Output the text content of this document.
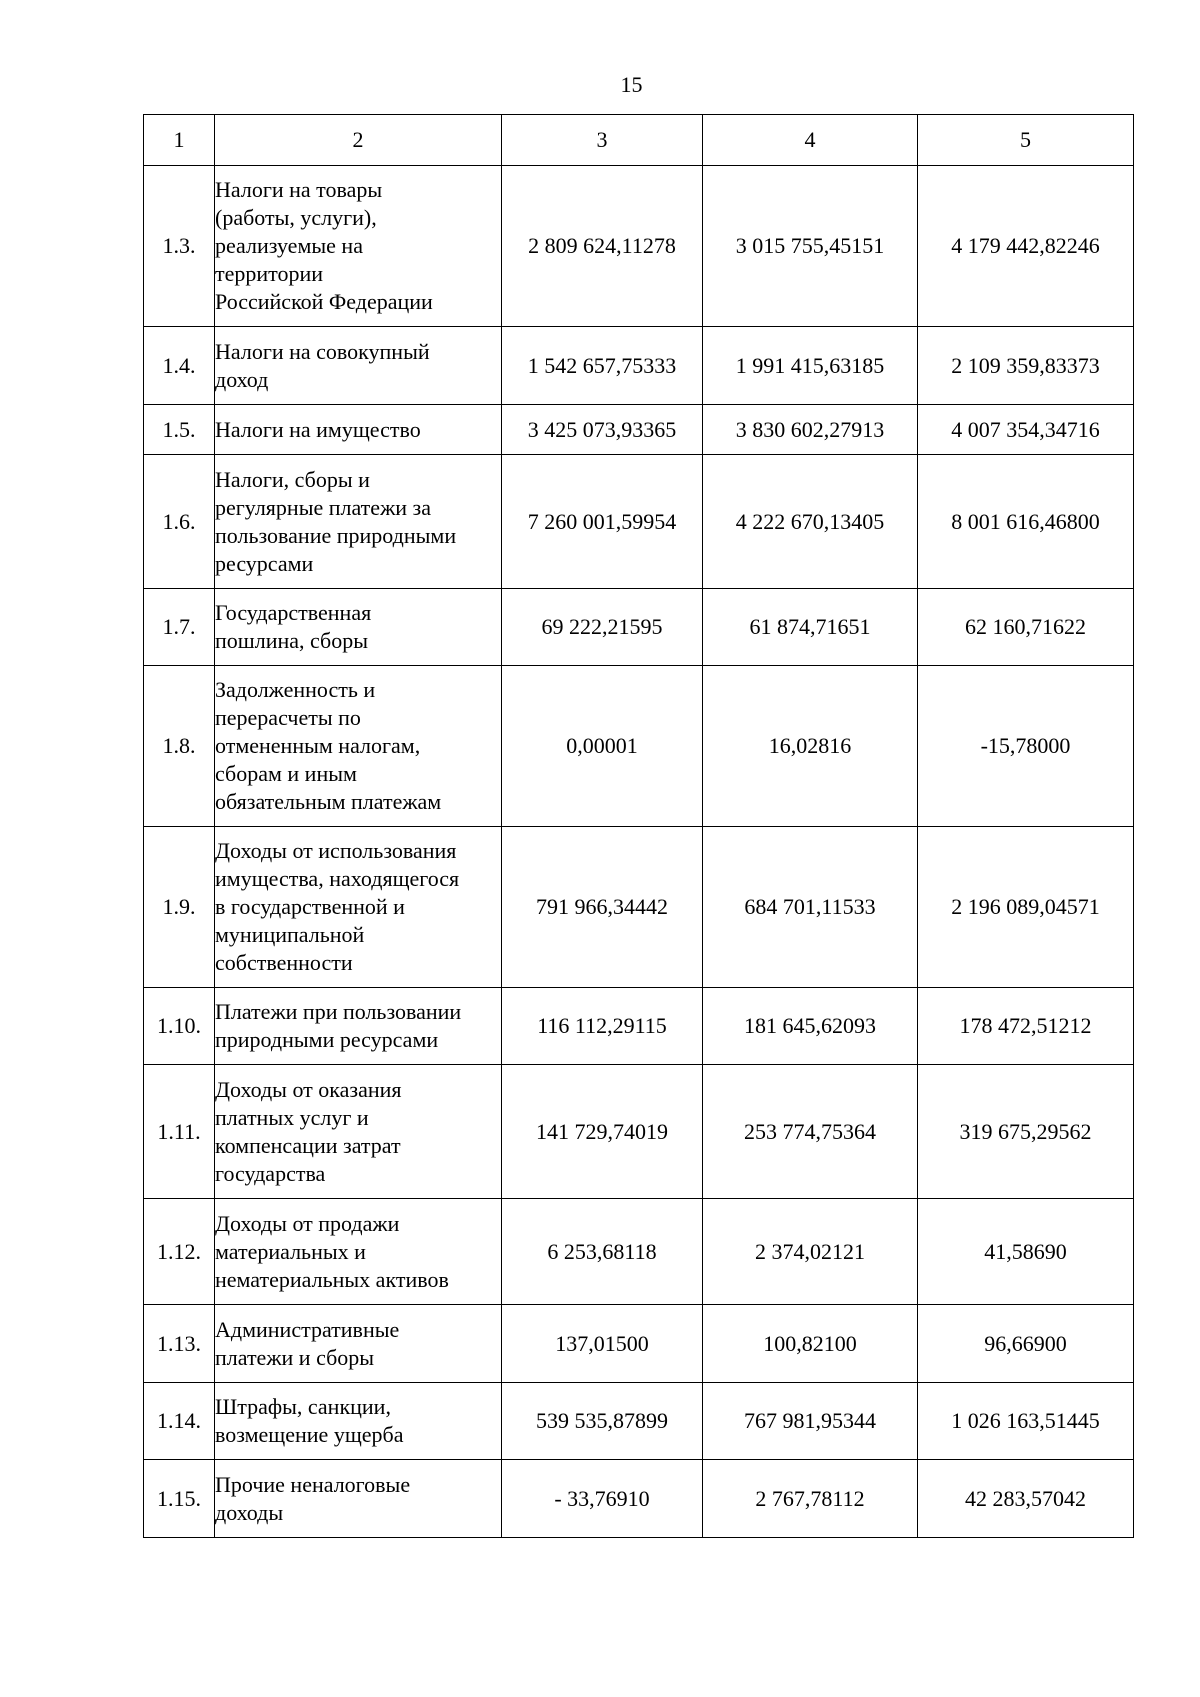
15
1	2	3	4	5
1.3.	Налоги на товары
(работы, услуги),
реализуемые на
территории
Российской Федерации	2 809 624,11278	3 015 755,45151	4 179 442,82246
1.4.	Налоги на совокупный
доход	1 542 657,75333	1 991 415,63185	2 109 359,83373
1.5.	Налоги на имущество	3 425 073,93365	3 830 602,27913	4 007 354,34716
1.6.	Налоги, сборы и
регулярные платежи за
пользование природными
ресурсами	7 260 001,59954	4 222 670,13405	8 001 616,46800
1.7.	Государственная
пошлина, сборы	69 222,21595	61 874,71651	62 160,71622
1.8.	Задолженность и
перерасчеты по
отмененным налогам,
сборам и иным
обязательным платежам	0,00001	16,02816	-15,78000
1.9.	Доходы от использования
имущества, находящегося
в государственной и
муниципальной
собственности	791 966,34442	684 701,11533	2 196 089,04571
1.10.	Платежи при пользовании
природными ресурсами	116 112,29115	181 645,62093	178 472,51212
1.11.	Доходы от оказания
платных услуг и
компенсации затрат
государства	141 729,74019	253 774,75364	319 675,29562
1.12.	Доходы от продажи
материальных и
нематериальных активов	6 253,68118	2 374,02121	41,58690
1.13.	Административные
платежи и сборы	137,01500	100,82100	96,66900
1.14.	Штрафы, санкции,
возмещение ущерба	539 535,87899	767 981,95344	1 026 163,51445
1.15.	Прочие неналоговые
доходы	- 33,76910	2 767,78112	42 283,57042
